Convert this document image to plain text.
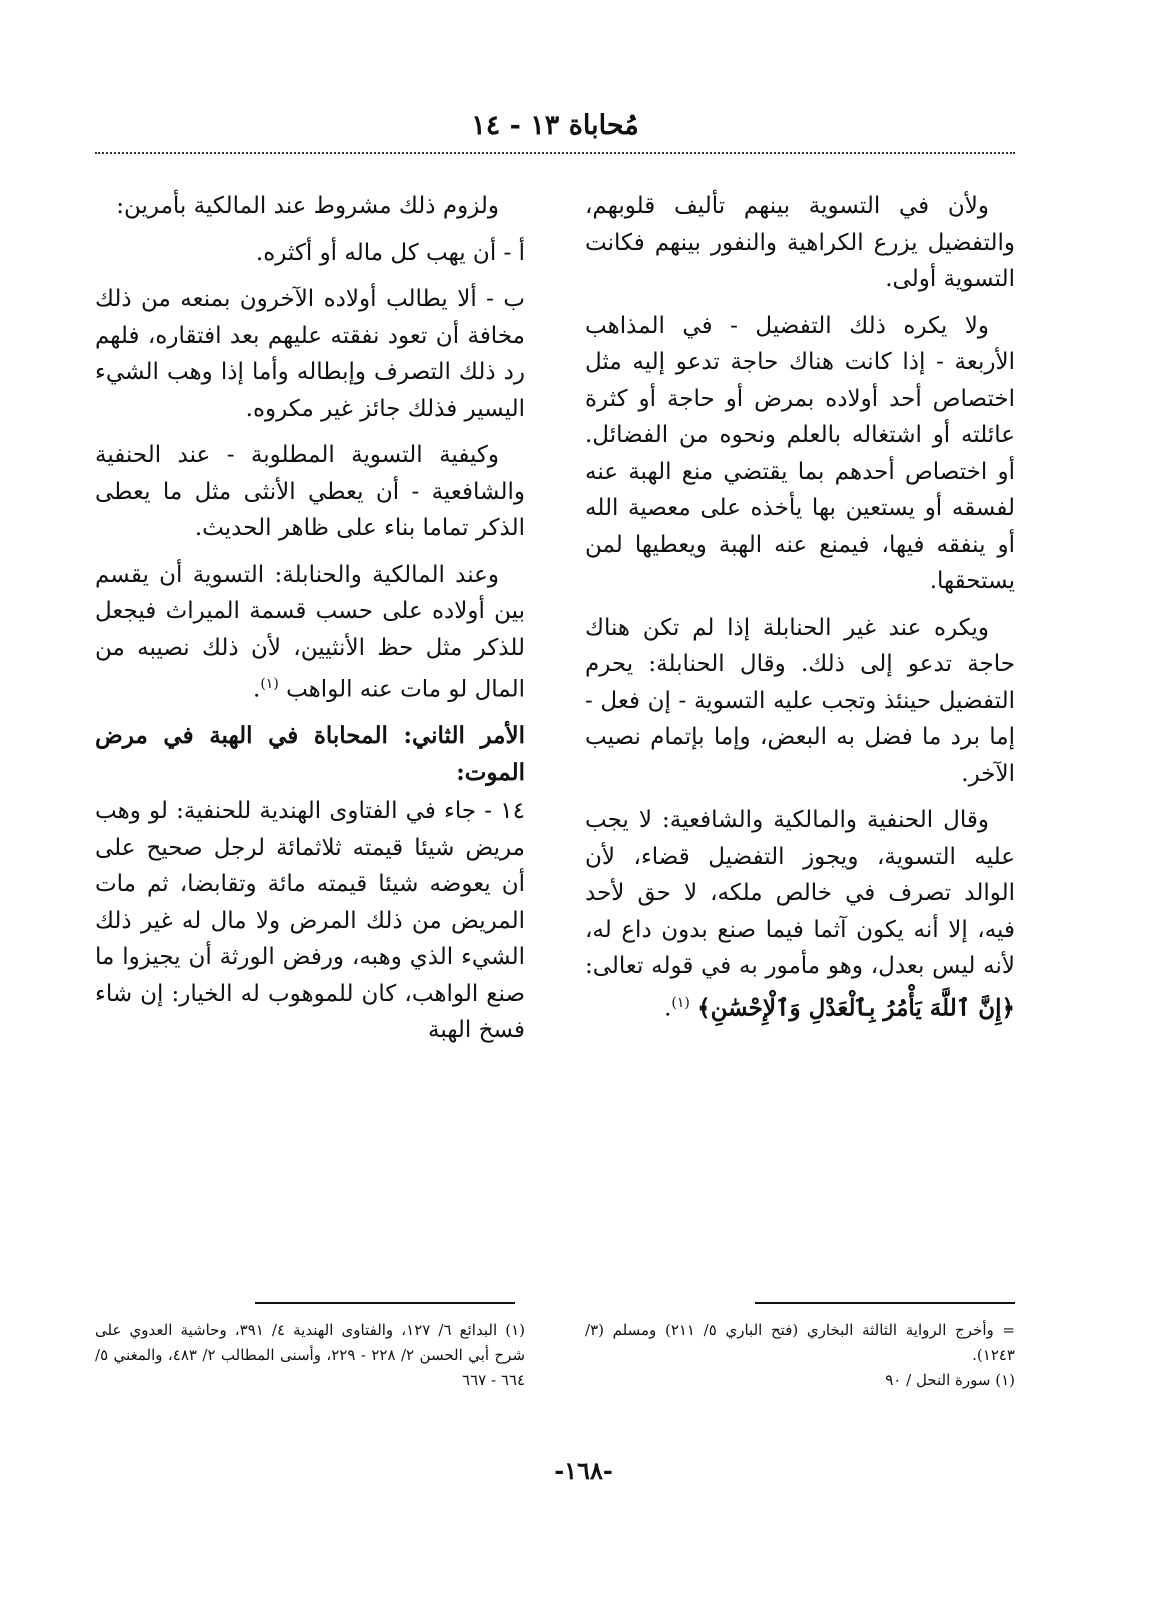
مُحاباة ١٣ - ١٤

ولأن في التسوية بينهم تأليف قلوبهم، والتفضيل يزرع الكراهية والنفور بينهم فكانت التسوية أولى.

ولا يكره ذلك التفضيل - في المذاهب الأربعة - إذا كانت هناك حاجة تدعو إليه مثل اختصاص أحد أولاده بمرض أو حاجة أو كثرة عائلته أو اشتغاله بالعلم ونحوه من الفضائل. أو اختصاص أحدهم بما يقتضي منع الهبة عنه لفسقه أو يستعين بها يأخذه على معصية الله أو ينفقه فيها، فيمنع عنه الهبة ويعطيها لمن يستحقها.

ويكره عند غير الحنابلة إذا لم تكن هناك حاجة تدعو إلى ذلك. وقال الحنابلة: يحرم التفضيل حينئذ وتجب عليه التسوية - إن فعل - إما برد ما فضل به البعض، وإما بإتمام نصيب الآخر.

وقال الحنفية والمالكية والشافعية: لا يجب عليه التسوية، ويجوز التفضيل قضاء، لأن الوالد تصرف في خالص ملكه، لا حق لأحد فيه، إلا أنه يكون آثما فيما صنع بدون داع له، لأنه ليس بعدل، وهو مأمور به في قوله تعالى: ﴿إِنَّ ٱللَّهَ يَأْمُرُ بِٱلْعَدْلِ وَٱلْإِحْسَٰنِ﴾ $^{(١)}$.

ولزوم ذلك مشروط عند المالكية بأمرين:

أ - أن يهب كل ماله أو أكثره.

ب - ألا يطالب أولاده الآخرون بمنعه من ذلك مخافة أن تعود نفقته عليهم بعد افتقاره، فلهم رد ذلك التصرف وإبطاله وأما إذا وهب الشيء اليسير فذلك جائز غير مكروه.

وكيفية التسوية المطلوبة - عند الحنفية والشافعية - أن يعطي الأنثى مثل ما يعطى الذكر تماما بناء على ظاهر الحديث.

وعند المالكية والحنابلة: التسوية أن يقسم بين أولاده على حسب قسمة الميراث فيجعل للذكر مثل حظ الأنثيين، لأن ذلك نصيبه من المال لو مات عنه الواهب $^{(١)}$.

الأمر الثاني: المحاباة في الهبة في مرض الموت:

١٤ - جاء في الفتاوى الهندية للحنفية: لو وهب مريض شيئا قيمته ثلاثمائة لرجل صحيح على أن يعوضه شيئا قيمته مائة وتقابضا، ثم مات المريض من ذلك المرض ولا مال له غير ذلك الشيء الذي وهبه، ورفض الورثة أن يجيزوا ما صنع الواهب، كان للموهوب له الخيار: إن شاء فسخ الهبة

= وأخرج الرواية الثالثة البخاري (فتح الباري ٥/ ٢١١) ومسلم (٣/ ١٢٤٣).
(١) سورة النحل / ٩٠
(١) البدائع ٦/ ١٢٧، والفتاوى الهندية ٤/ ٣٩١، وحاشية العدوي على شرح أبي الحسن ٢/ ٢٢٨ - ٢٢٩، وأسنى المطالب ٢/ ٤٨٣، والمغني ٥/ ٦٦٤ - ٦٦٧
-١٦٨-
